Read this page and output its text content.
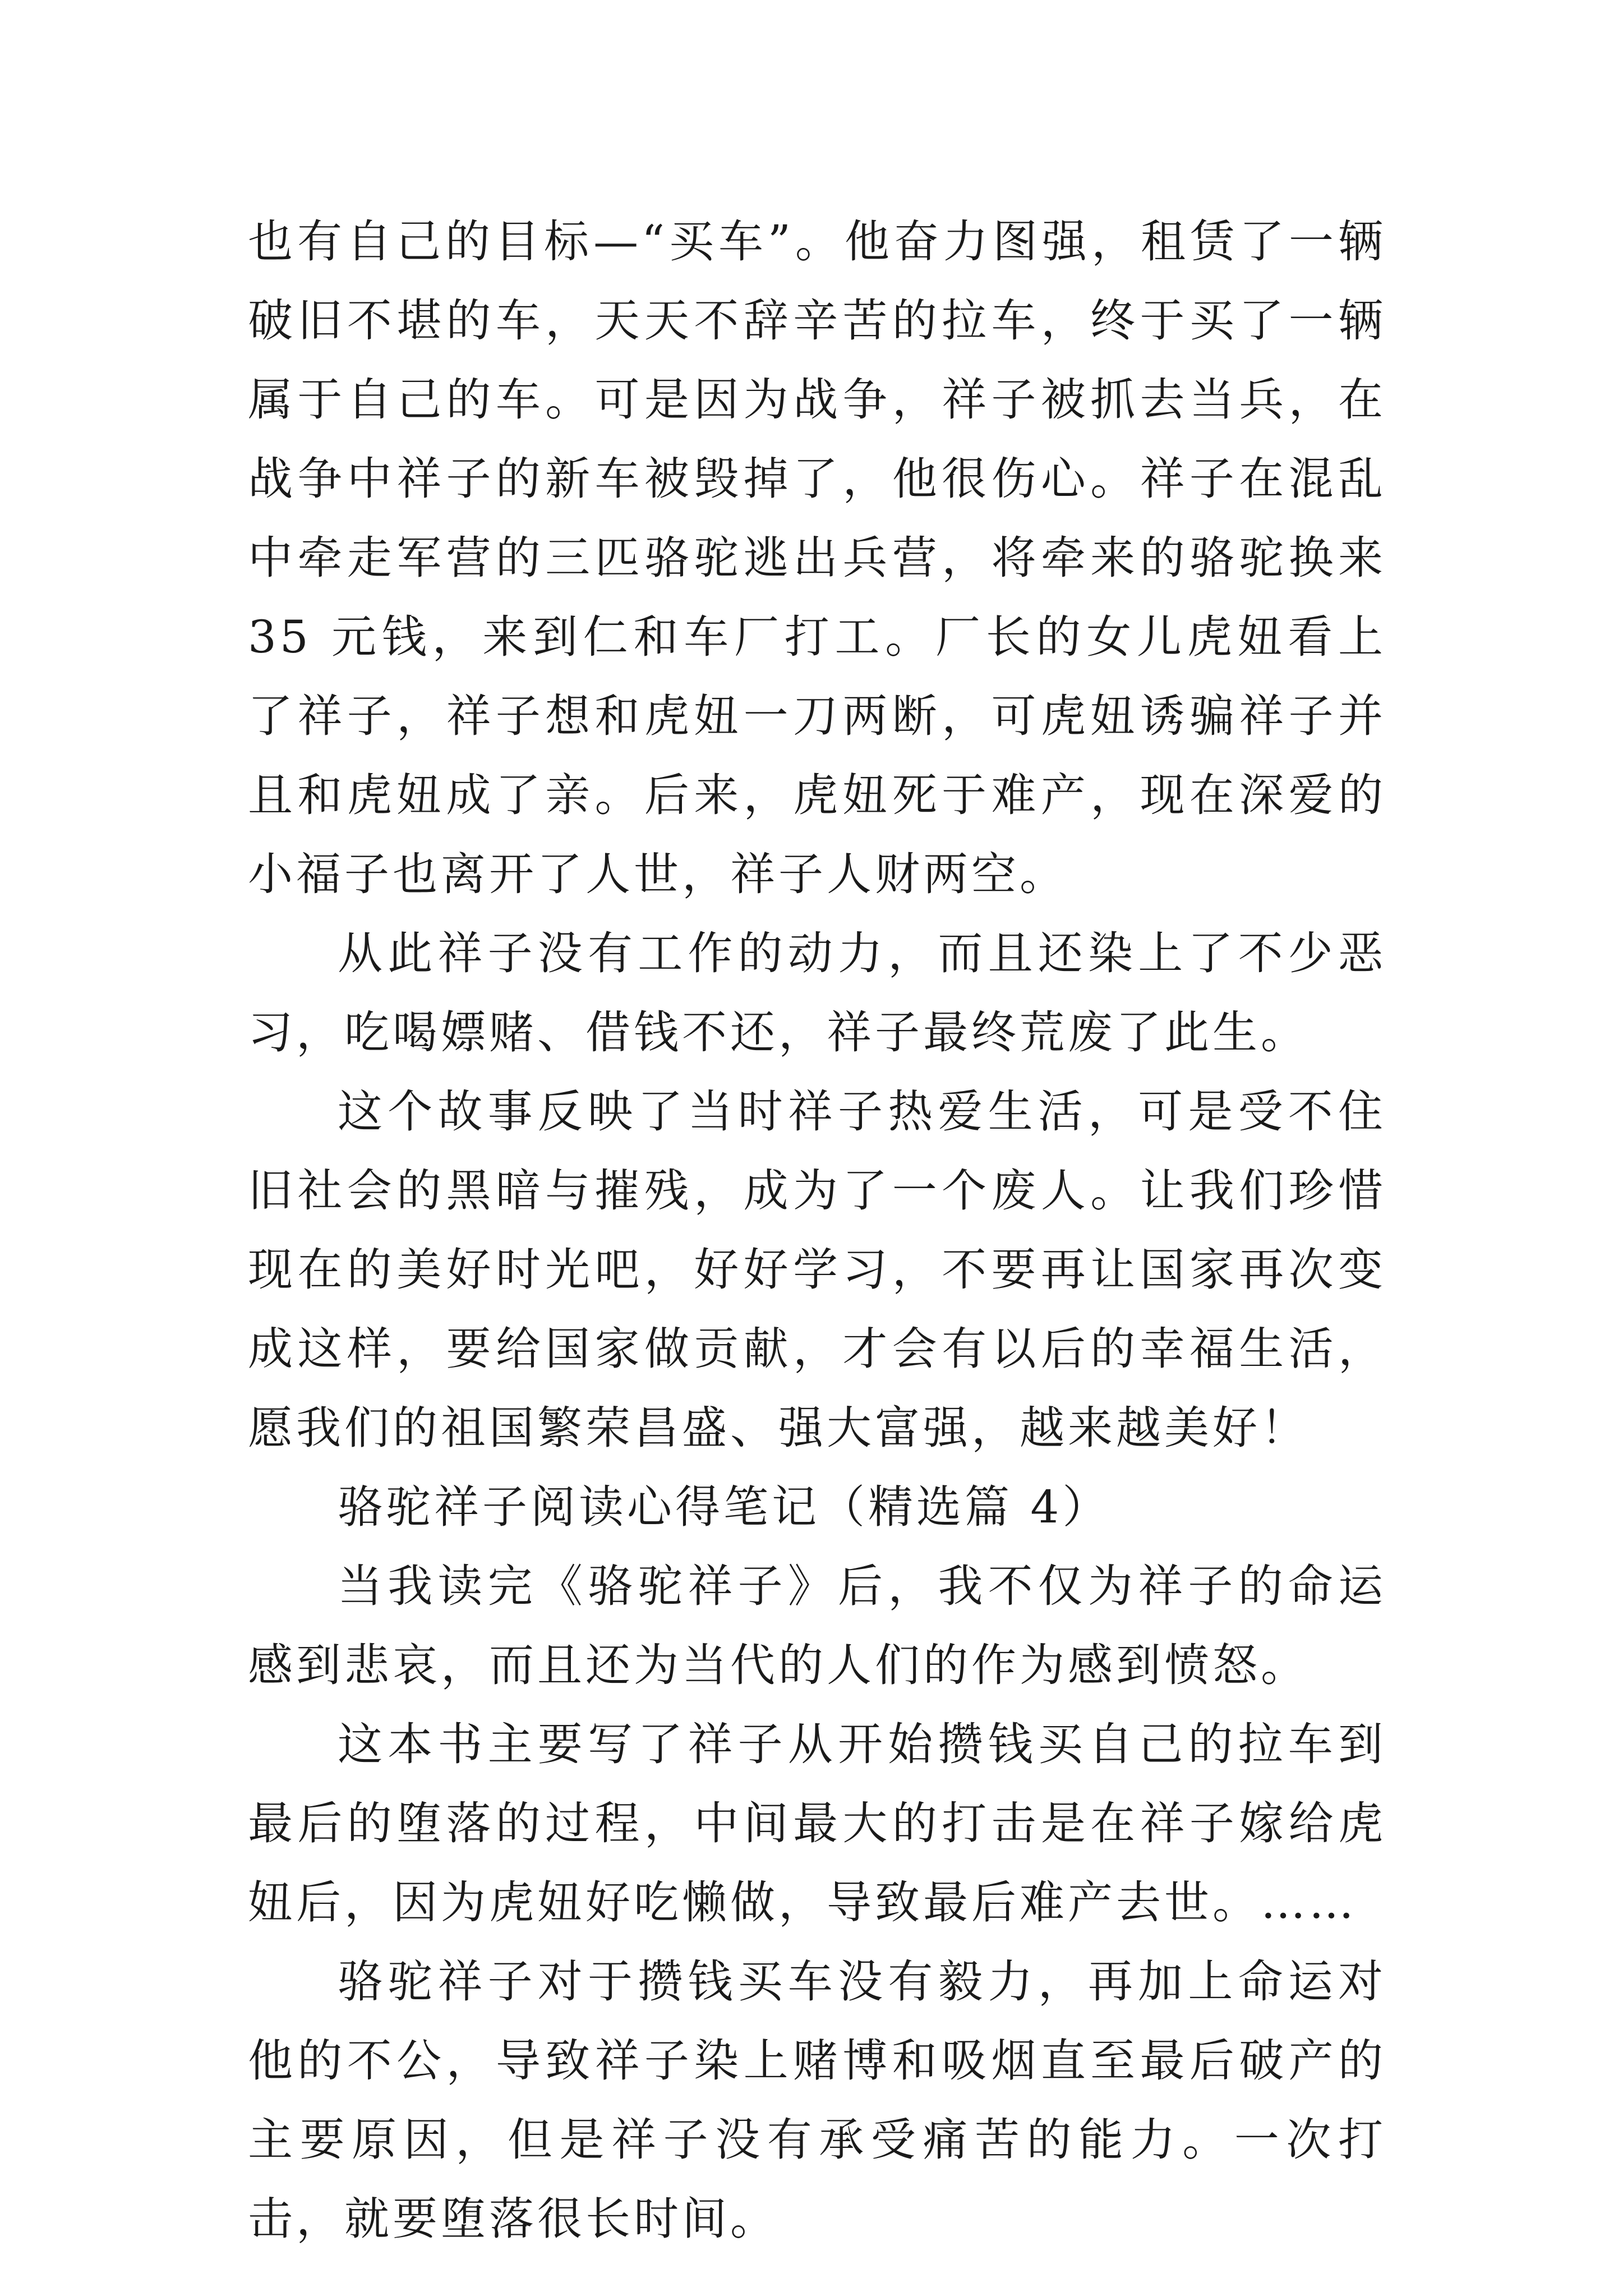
也有自己的目标—“买车”。他奋力图强，租赁了一辆破旧不堪的车，天天不辞辛苦的拉车，终于买了一辆属于自己的车。可是因为战争，祥子被抓去当兵，在战争中祥子的新车被毁掉了，他很伤心。祥子在混乱中牵走军营的三匹骆驼逃出兵营，将牵来的骆驼换来 35 元钱，来到仁和车厂打工。厂长的女儿虎妞看上了祥子，祥子想和虎妞一刀两断，可虎妞诱骗祥子并且和虎妞成了亲。后来，虎妞死于难产，现在深爱的小福子也离开了人世，祥子人财两空。

从此祥子没有工作的动力，而且还染上了不少恶习，吃喝嫖赌、借钱不还，祥子最终荒废了此生。

这个故事反映了当时祥子热爱生活，可是受不住旧社会的黑暗与摧残，成为了一个废人。让我们珍惜现在的美好时光吧，好好学习，不要再让国家再次变成这样，要给国家做贡献，才会有以后的幸福生活，愿我们的祖国繁荣昌盛、强大富强，越来越美好！

骆驼祥子阅读心得笔记（精选篇 4）

当我读完《骆驼祥子》后，我不仅为祥子的命运感到悲哀，而且还为当代的人们的作为感到愤怒。

这本书主要写了祥子从开始攒钱买自己的拉车到最后的堕落的过程，中间最大的打击是在祥子嫁给虎妞后，因为虎妞好吃懒做，导致最后难产去世。……

骆驼祥子对于攒钱买车没有毅力，再加上命运对他的不公，导致祥子染上赌博和吸烟直至最后破产的主要原因，但是祥子没有承受痛苦的能力。一次打击，就要堕落很长时间。
